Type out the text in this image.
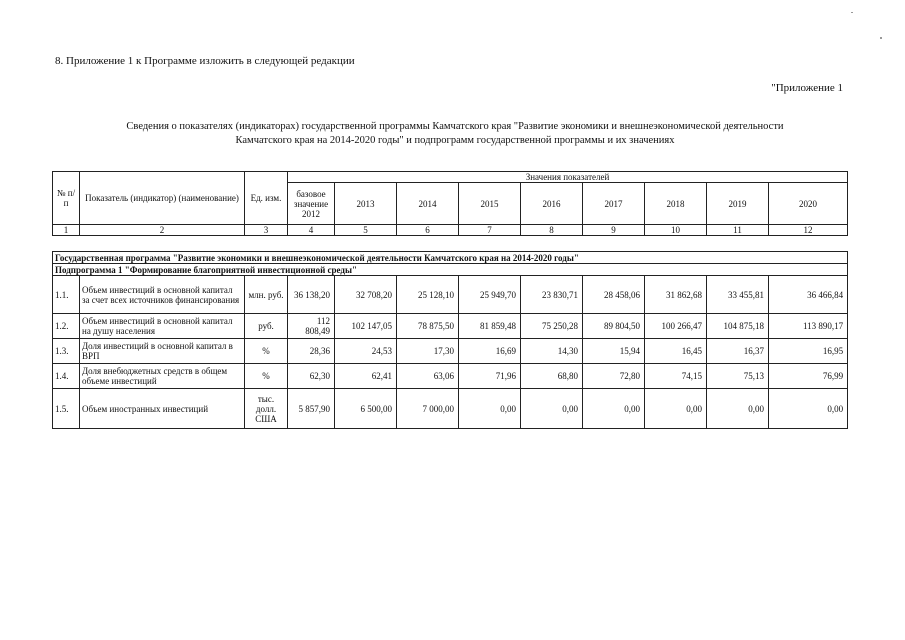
8. Приложение 1 к Программе изложить в следующей редакции
"Приложение 1
Сведения о показателях (индикаторах) государственной программы Камчатского края "Развитие экономики и внешнеэкономической деятельности
Камчатского края на 2014-2020 годы" и подпрограмм государственной программы и их значениях
№ п/п	Показатель (индикатор) (наименование)	Ед. изм.	Значения показателей								
			базовое значение 2012	2013	2014	2015	2016	2017	2018	2019	2020
1	2	3	4	5	6	7	8	9	10	11	12
Государственная программа "Развитие экономики и внешнеэкономической деятельности Камчатского края на 2014-2020 годы"											
Подпрограмма 1 "Формирование благоприятной инвестиционной среды"											
1.1.	Объем инвестиций в основной капитал за счет всех источников финансирования	млн. руб.	36 138,20	32 708,20	25 128,10	25 949,70	23 830,71	28 458,06	31 862,68	33 455,81	36 466,84
1.2.	Объем инвестиций в основной капитал на душу населения	руб.	112 808,49	102 147,05	78 875,50	81 859,48	75 250,28	89 804,50	100 266,47	104 875,18	113 890,17
1.3.	Доля инвестиций в основной капитал в ВРП	%	28,36	24,53	17,30	16,69	14,30	15,94	16,45	16,37	16,95
1.4.	Доля внебюджетных средств в общем объеме инвестиций	%	62,30	62,41	63,06	71,96	68,80	72,80	74,15	75,13	76,99
1.5.	Объем иностранных инвестиций	тыс. долл. США	5 857,90	6 500,00	7 000,00	0,00	0,00	0,00	0,00	0,00	0,00
